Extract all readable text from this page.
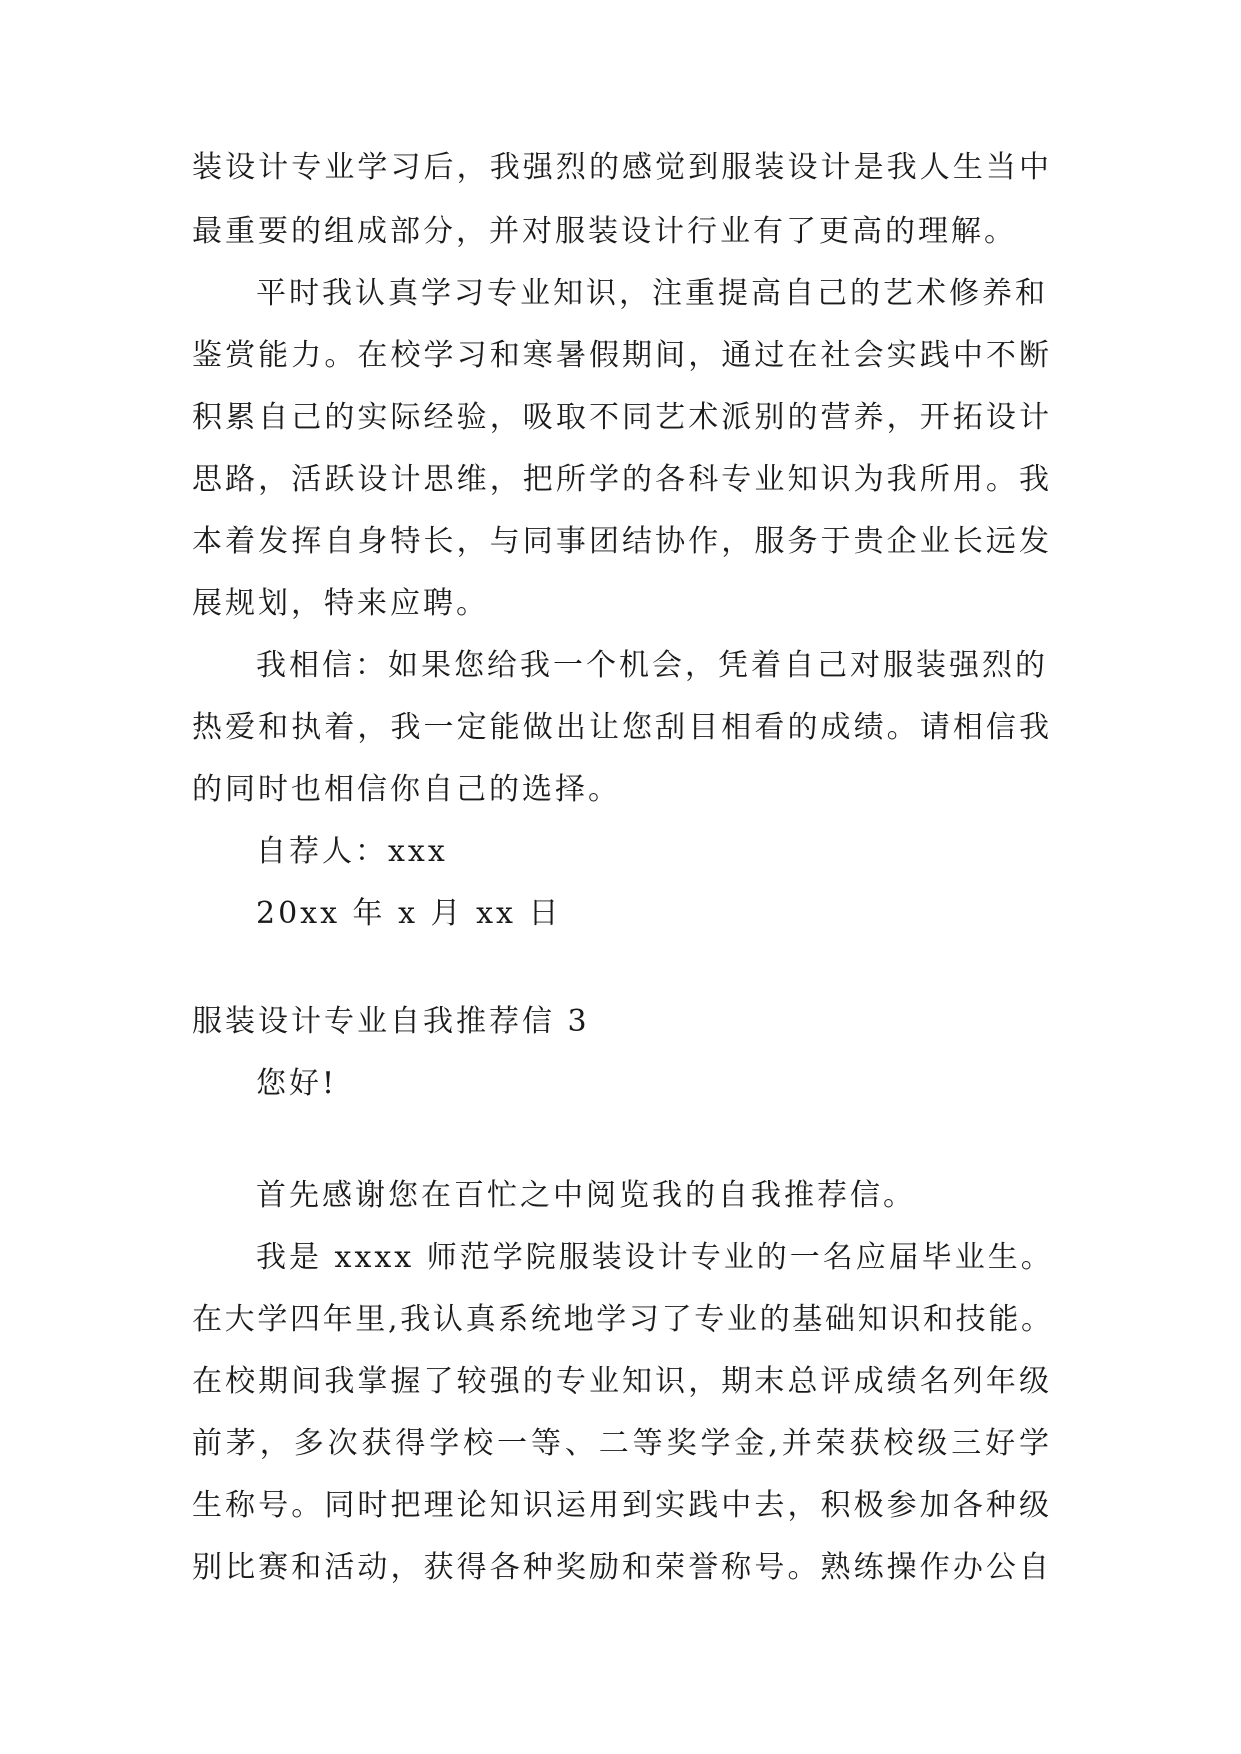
装设计专业学习后，我强烈的感觉到服装设计是我人生当中
最重要的组成部分，并对服装设计行业有了更高的理解。
平时我认真学习专业知识，注重提高自己的艺术修养和
鉴赏能力。在校学习和寒暑假期间，通过在社会实践中不断
积累自己的实际经验，吸取不同艺术派别的营养，开拓设计
思路，活跃设计思维，把所学的各科专业知识为我所用。我
本着发挥自身特长，与同事团结协作，服务于贵企业长远发
展规划，特来应聘。
我相信：如果您给我一个机会，凭着自己对服装强烈的
热爱和执着，我一定能做出让您刮目相看的成绩。请相信我
的同时也相信你自己的选择。
自荐人：xxx
20xx 年 x 月 xx 日
服装设计专业自我推荐信 3
您好!
首先感谢您在百忙之中阅览我的自我推荐信。
我是 xxxx 师范学院服装设计专业的一名应届毕业生。
在大学四年里,我认真系统地学习了专业的基础知识和技能。
在校期间我掌握了较强的专业知识，期末总评成绩名列年级
前茅，多次获得学校一等、二等奖学金,并荣获校级三好学
生称号。同时把理论知识运用到实践中去，积极参加各种级
别比赛和活动，获得各种奖励和荣誉称号。熟练操作办公自
